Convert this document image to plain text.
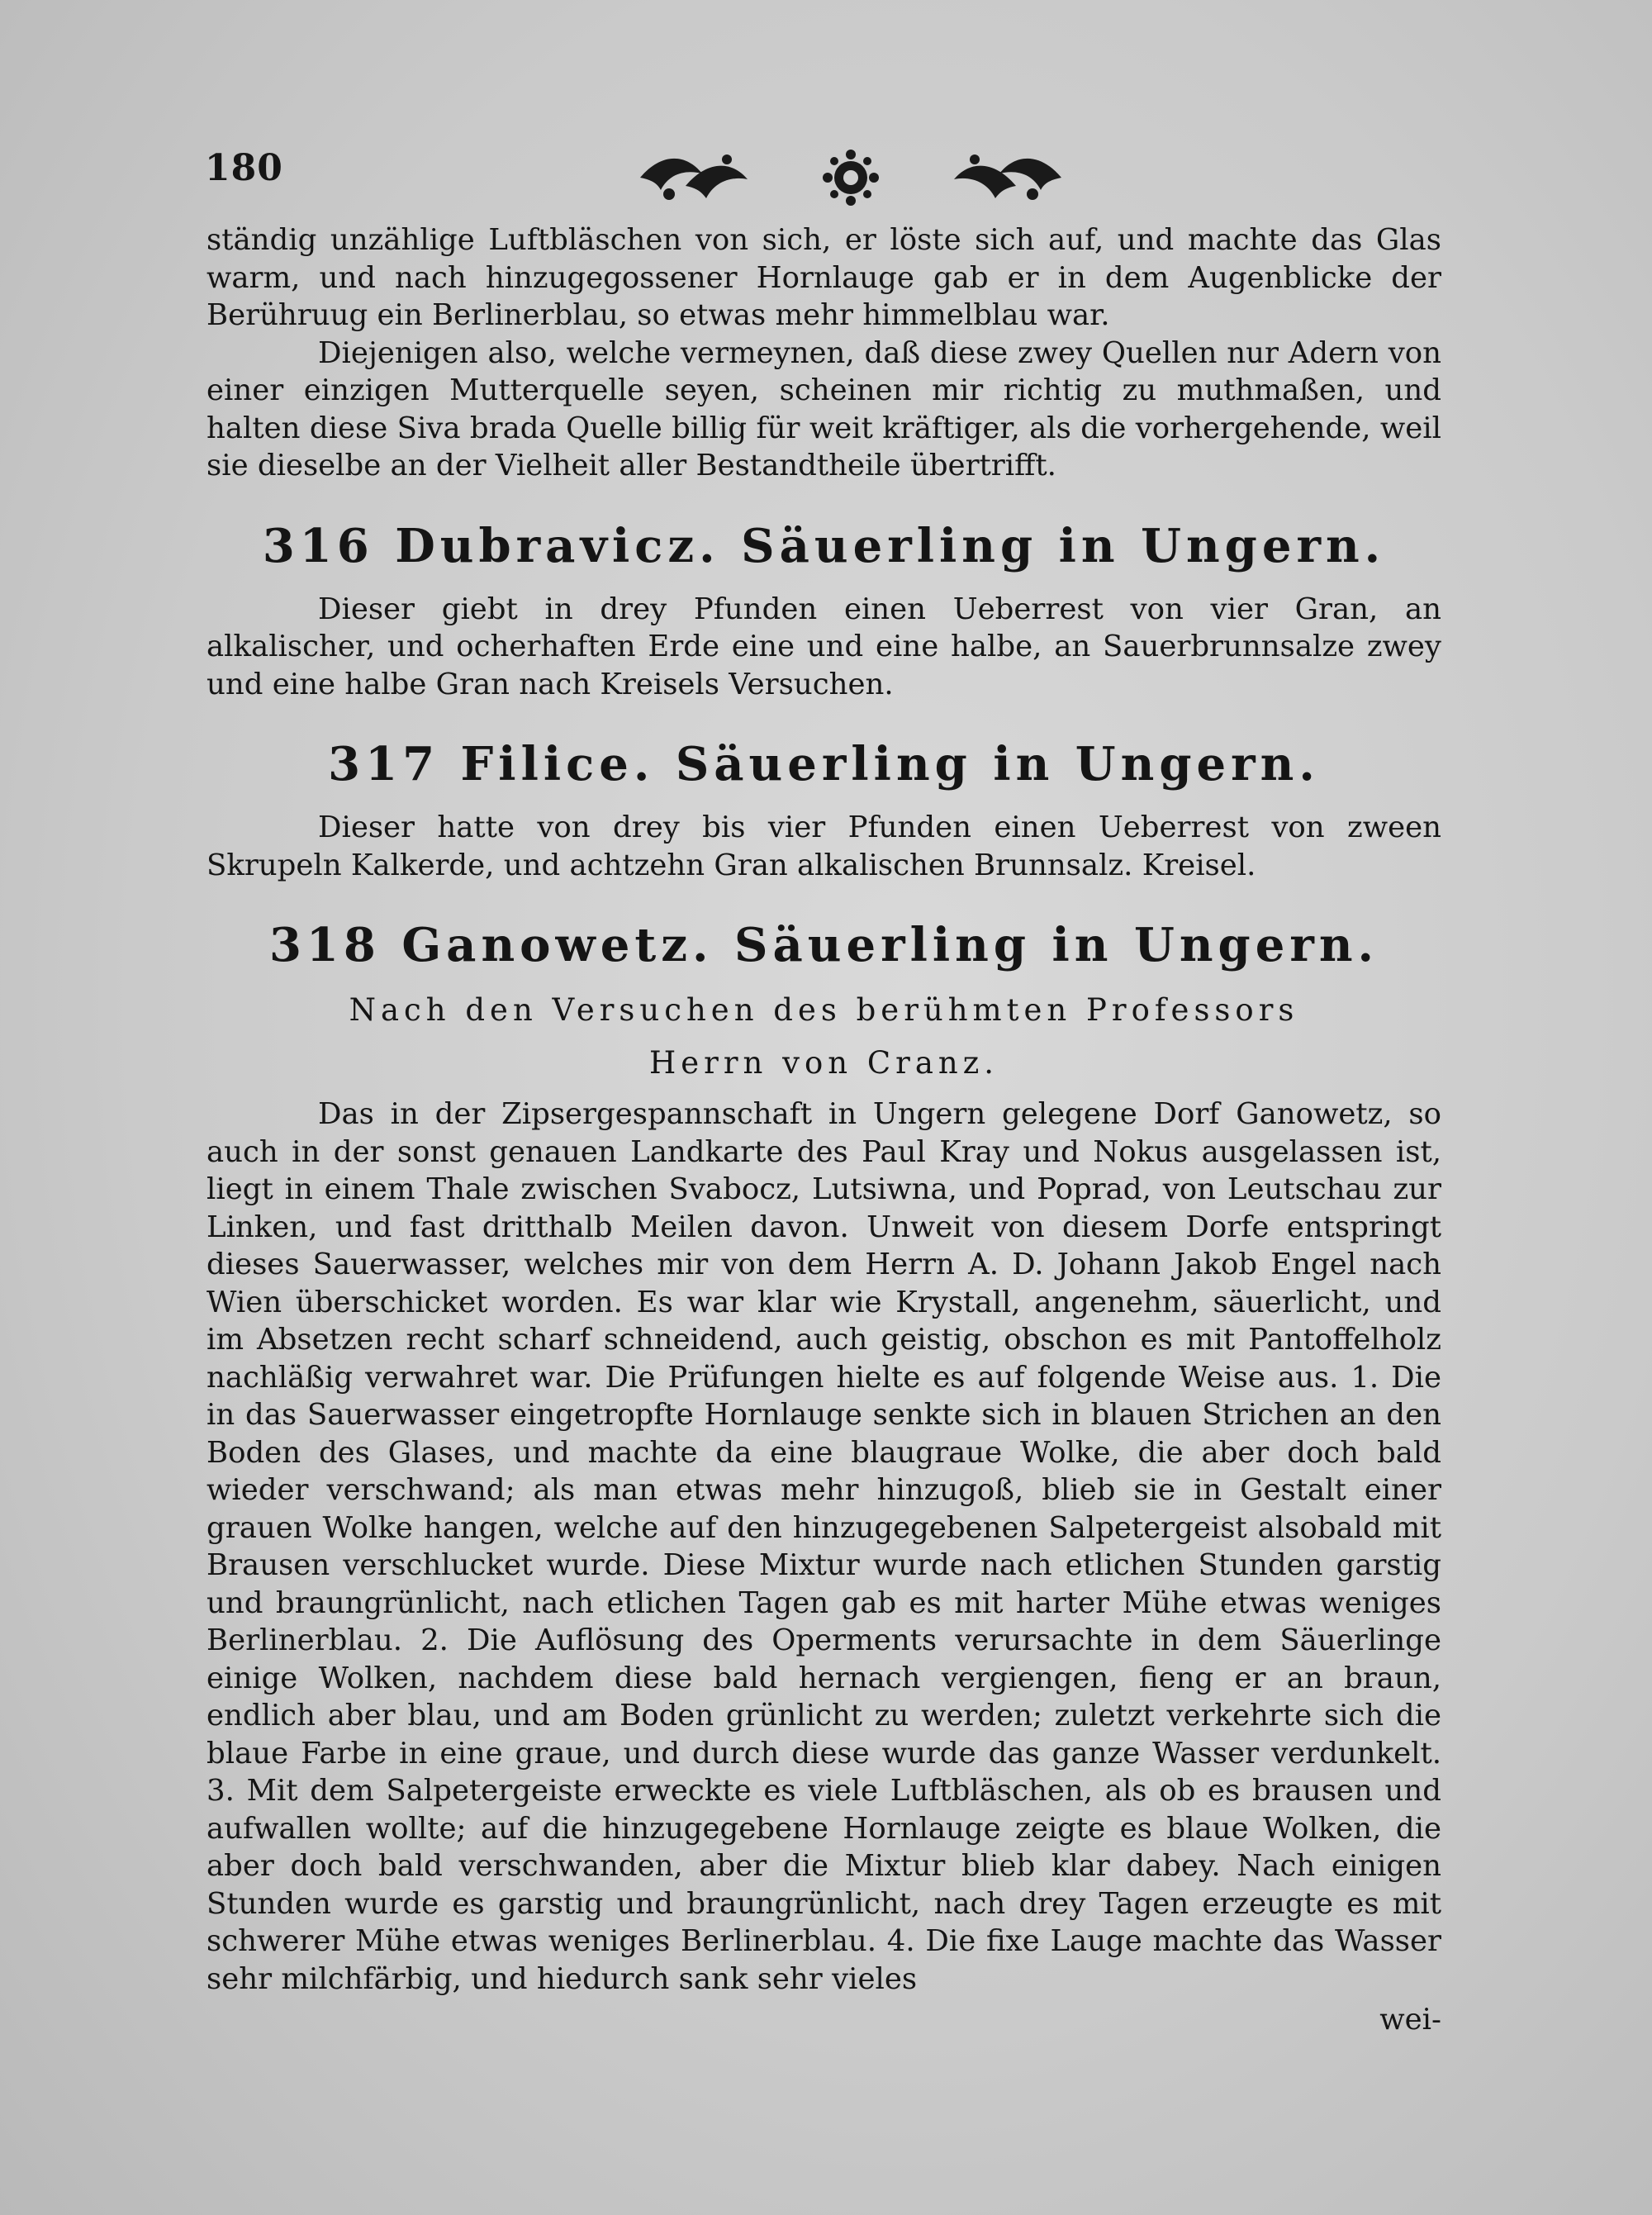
180

ständig unzählige Luftbläschen von sich, er löste sich auf, und machte das Glas warm, und nach hinzugegossener Hornlauge gab er in dem Augenblicke der Berühruug ein Berlinerblau, so etwas mehr himmelblau war.

Diejenigen also, welche vermeynen, daß diese zwey Quellen nur Adern von einer einzigen Mutterquelle seyen, scheinen mir richtig zu muthmaßen, und halten diese Siva brada Quelle billig für weit kräftiger, als die vorhergehende, weil sie dieselbe an der Vielheit aller Bestandtheile übertrifft.

316 Dubravicz. Säuerling in Ungern.

Dieser giebt in drey Pfunden einen Ueberrest von vier Gran, an alkalischer, und ocherhaften Erde eine und eine halbe, an Sauerbrunnsalze zwey und eine halbe Gran nach Kreisels Versuchen.

317 Filice. Säuerling in Ungern.

Dieser hatte von drey bis vier Pfunden einen Ueberrest von zween Skrupeln Kalkerde, und achtzehn Gran alkalischen Brunnsalz. Kreisel.

318 Ganowetz. Säuerling in Ungern.
Nach den Versuchen des berühmten Professors
Herrn von Cranz.

Das in der Zipsergespannschaft in Ungern gelegene Dorf Ganowetz, so auch in der sonst genauen Landkarte des Paul Kray und Nokus ausgelassen ist, liegt in einem Thale zwischen Svabocz, Lutsiwna, und Poprad, von Leutschau zur Linken, und fast dritthalb Meilen davon. Unweit von diesem Dorfe entspringt dieses Sauerwasser, welches mir von dem Herrn A. D. Johann Jakob Engel nach Wien überschicket worden. Es war klar wie Krystall, angenehm, säuerlicht, und im Absetzen recht scharf schneidend, auch geistig, obschon es mit Pantoffelholz nachläßig verwahret war. Die Prüfungen hielte es auf folgende Weise aus. 1. Die in das Sauerwasser eingetropfte Hornlauge senkte sich in blauen Strichen an den Boden des Glases, und machte da eine blaugraue Wolke, die aber doch bald wieder verschwand; als man etwas mehr hinzugoß, blieb sie in Gestalt einer grauen Wolke hangen, welche auf den hinzugegebenen Salpetergeist alsobald mit Brausen verschlucket wurde. Diese Mixtur wurde nach etlichen Stunden garstig und braungrünlicht, nach etlichen Tagen gab es mit harter Mühe etwas weniges Berlinerblau. 2. Die Auflösung des Operments verursachte in dem Säuerlinge einige Wolken, nachdem diese bald hernach vergiengen, fieng er an braun, endlich aber blau, und am Boden grünlicht zu werden; zuletzt verkehrte sich die blaue Farbe in eine graue, und durch diese wurde das ganze Wasser verdunkelt. 3. Mit dem Salpetergeiste erweckte es viele Luftbläschen, als ob es brausen und aufwallen wollte; auf die hinzugegebene Hornlauge zeigte es blaue Wolken, die aber doch bald verschwanden, aber die Mixtur blieb klar dabey. Nach einigen Stunden wurde es garstig und braungrünlicht, nach drey Tagen erzeugte es mit schwerer Mühe etwas weniges Berlinerblau. 4. Die fixe Lauge machte das Wasser sehr milchfärbig, und hiedurch sank sehr vieles

wei-
